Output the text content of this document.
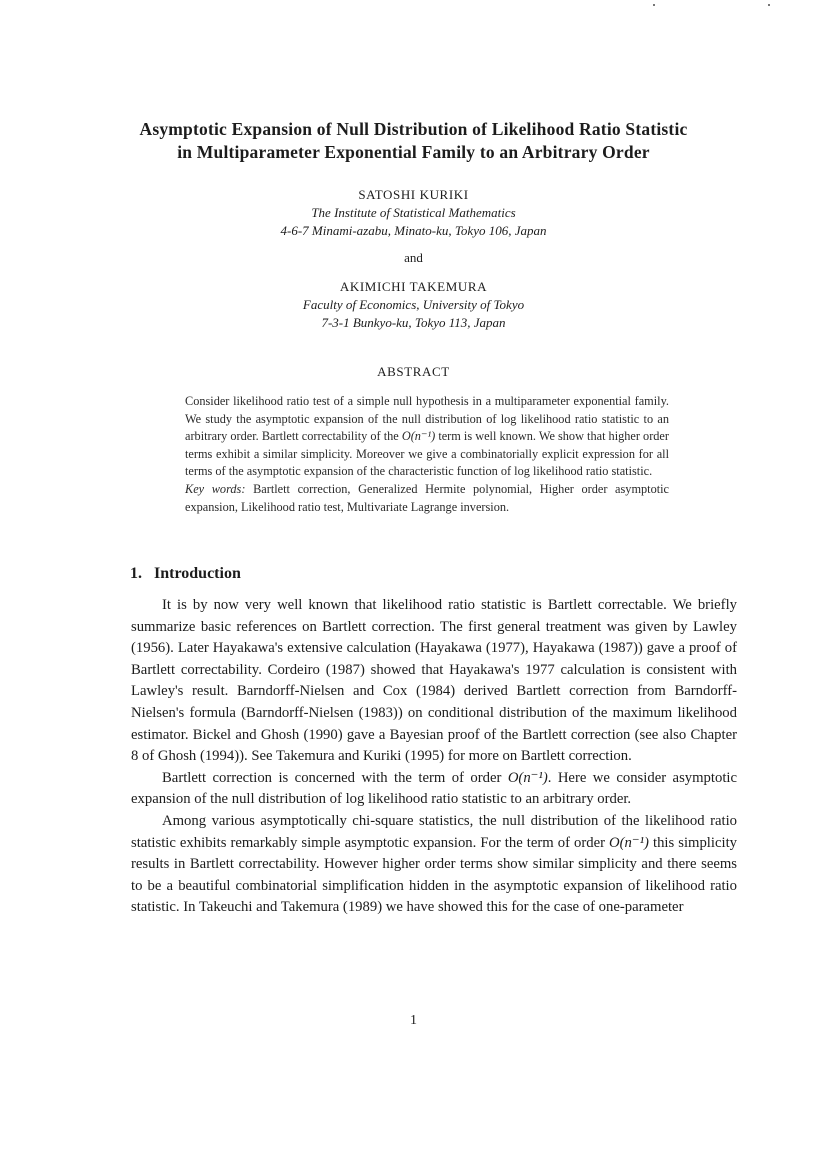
Asymptotic Expansion of Null Distribution of Likelihood Ratio Statistic
in Multiparameter Exponential Family to an Arbitrary Order
SATOSHI KURIKI
The Institute of Statistical Mathematics
4-6-7 Minami-azabu, Minato-ku, Tokyo 106, Japan
and
AKIMICHI TAKEMURA
Faculty of Economics, University of Tokyo
7-3-1 Bunkyo-ku, Tokyo 113, Japan
ABSTRACT
Consider likelihood ratio test of a simple null hypothesis in a multiparameter exponential family. We study the asymptotic expansion of the null distribution of log likelihood ratio statistic to an arbitrary order. Bartlett correctability of the O(n⁻¹) term is well known. We show that higher order terms exhibit a similar simplicity. Moreover we give a combinatorially explicit expression for all terms of the asymptotic expansion of the characteristic function of log likelihood ratio statistic.
Key words: Bartlett correction, Generalized Hermite polynomial, Higher order asymptotic expansion, Likelihood ratio test, Multivariate Lagrange inversion.
1. Introduction

It is by now very well known that likelihood ratio statistic is Bartlett correctable. We briefly summarize basic references on Bartlett correction. The first general treatment was given by Lawley (1956). Later Hayakawa's extensive calculation (Hayakawa (1977), Hayakawa (1987)) gave a proof of Bartlett correctability. Cordeiro (1987) showed that Hayakawa's 1977 calculation is consistent with Lawley's result. Barndorff-Nielsen and Cox (1984) derived Bartlett correction from Barndorff-Nielsen's formula (Barndorff-Nielsen (1983)) on conditional distribution of the maximum likelihood estimator. Bickel and Ghosh (1990) gave a Bayesian proof of the Bartlett correction (see also Chapter 8 of Ghosh (1994)). See Takemura and Kuriki (1995) for more on Bartlett correction.

Bartlett correction is concerned with the term of order O(n⁻¹). Here we consider asymptotic expansion of the null distribution of log likelihood ratio statistic to an arbitrary order.

Among various asymptotically chi-square statistics, the null distribution of the likelihood ratio statistic exhibits remarkably simple asymptotic expansion. For the term of order O(n⁻¹) this simplicity results in Bartlett correctability. However higher order terms show similar simplicity and there seems to be a beautiful combinatorial simplification hidden in the asymptotic expansion of likelihood ratio statistic. In Takeuchi and Takemura (1989) we have showed this for the case of one-parameter

1
